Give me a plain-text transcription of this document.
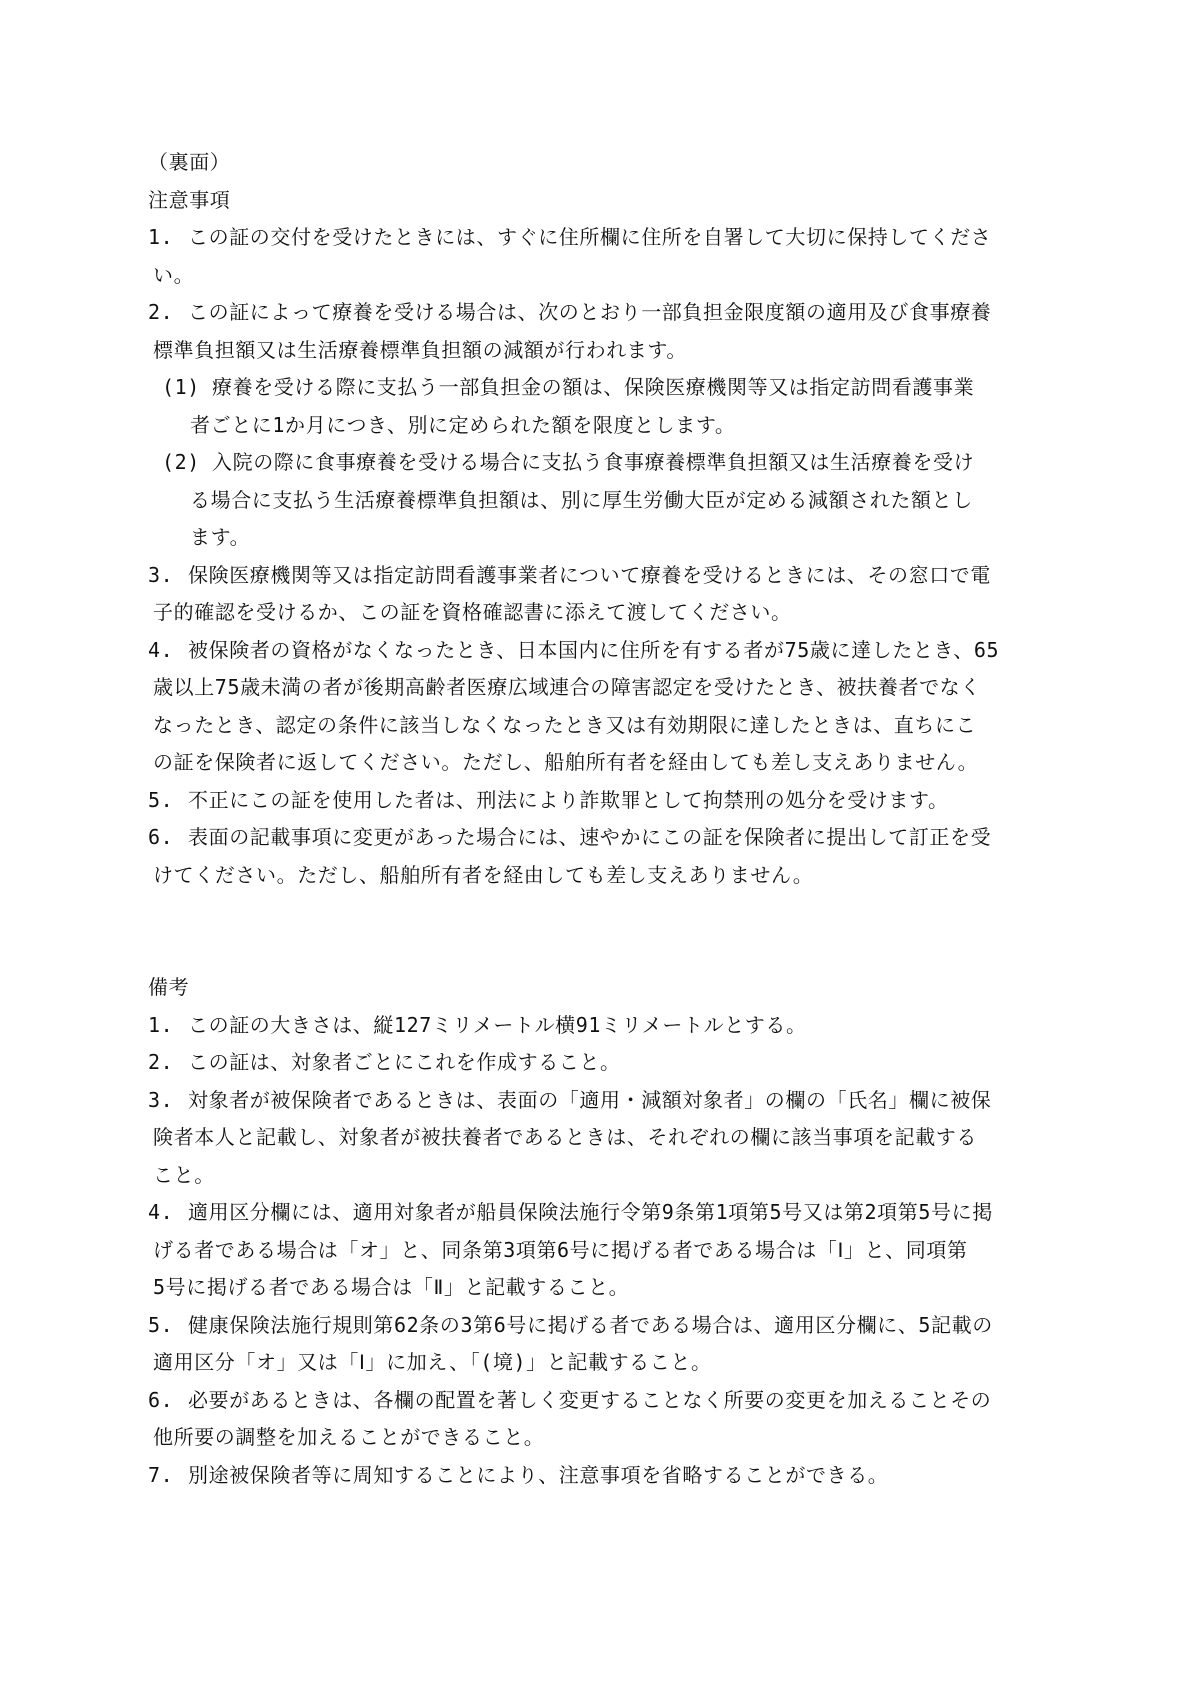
（裏面）
注意事項
1. この証の交付を受けたときには、すぐに住所欄に住所を自署して大切に保持してくださ
い。
2. この証によって療養を受ける場合は、次のとおり一部負担金限度額の適用及び食事療養
標準負担額又は生活療養標準負担額の減額が行われます。
(1) 療養を受ける際に支払う一部負担金の額は、保険医療機関等又は指定訪問看護事業
者ごとに1か月につき、別に定められた額を限度とします。
(2) 入院の際に食事療養を受ける場合に支払う食事療養標準負担額又は生活療養を受け
る場合に支払う生活療養標準負担額は、別に厚生労働大臣が定める減額された額とし
ます。
3. 保険医療機関等又は指定訪問看護事業者について療養を受けるときには、その窓口で電
子的確認を受けるか、この証を資格確認書に添えて渡してください。
4. 被保険者の資格がなくなったとき、日本国内に住所を有する者が75歳に達したとき、65
歳以上75歳未満の者が後期高齢者医療広域連合の障害認定を受けたとき、被扶養者でなく
なったとき、認定の条件に該当しなくなったとき又は有効期限に達したときは、直ちにこ
の証を保険者に返してください。ただし、船舶所有者を経由しても差し支えありません。
5. 不正にこの証を使用した者は、刑法により詐欺罪として拘禁刑の処分を受けます。
6. 表面の記載事項に変更があった場合には、速やかにこの証を保険者に提出して訂正を受
けてください。ただし、船舶所有者を経由しても差し支えありません。
備考
1. この証の大きさは、縦127ミリメートル横91ミリメートルとする。
2. この証は、対象者ごとにこれを作成すること。
3. 対象者が被保険者であるときは、表面の「適用・減額対象者」の欄の「氏名」欄に被保
険者本人と記載し、対象者が被扶養者であるときは、それぞれの欄に該当事項を記載する
こと。
4. 適用区分欄には、適用対象者が船員保険法施行令第9条第1項第5号又は第2項第5号に掲
げる者である場合は「オ」と、同条第3項第6号に掲げる者である場合は「Ⅰ」と、同項第
5号に掲げる者である場合は「Ⅱ」と記載すること。
5. 健康保険法施行規則第62条の3第6号に掲げる者である場合は、適用区分欄に、5記載の
適用区分「オ」又は「Ⅰ」に加え、「(境)」と記載すること。
6. 必要があるときは、各欄の配置を著しく変更することなく所要の変更を加えることその
他所要の調整を加えることができること。
7. 別途被保険者等に周知することにより、注意事項を省略することができる。
